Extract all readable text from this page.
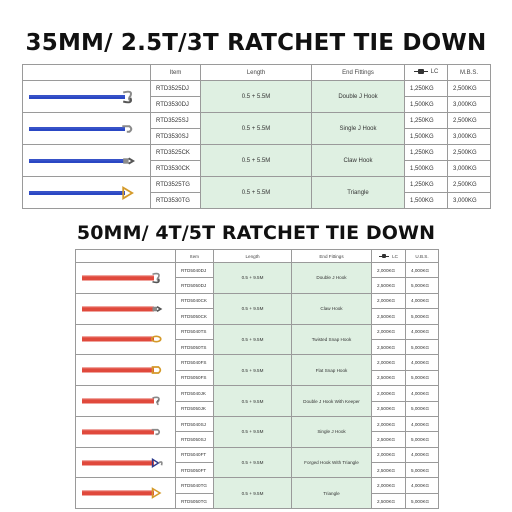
35MM/ 2.5T/3T RATCHET TIE DOWN
	Item	Length	End Fittings	LC	M.B.S.

	RTD3525DJ	0.5 + 5.5M	Double J Hook	1,250KG	2,500KG
	RTD3530DJ			1,500KG	3,000KG

	RTD3525SJ	0.5 + 5.5M	Single J Hook	1,250KG	2,500KG
	RTD3530SJ			1,500KG	3,000KG

	RTD3525CK	0.5 + 5.5M	Claw Hook	1,250KG	2,500KG
	RTD3530CK			1,500KG	3,000KG

	RTD3525TG	0.5 + 5.5M	Triangle	1,250KG	2,500KG
	RTD3530TG			1,500KG	3,000KG
50MM/ 4T/5T RATCHET TIE DOWN
	Item	Length	End Fittings	LC	U.B.S.

	RTD5040DJ	0.5 + 9.5M	Double J Hook	2,000KG	4,000KG
	RTD5050DJ			2,500KG	5,000KG

	RTD5040CK	0.5 + 9.5M	Claw Hook	2,000KG	4,000KG
	RTD5050CK			2,500KG	5,000KG

	RTD5040TS	0.5 + 9.5M	Twisted Snap Hook	2,000KG	4,000KG
	RTD5050TS			2,500KG	5,000KG

	RTD5040FS	0.5 + 9.5M	Flat Snap Hook	2,000KG	4,000KG
	RTD5050FS			2,500KG	5,000KG

	RTD5040JK	0.5 + 9.5M	Double J Hook With Keeper	2,000KG	4,000KG
	RTD5050JK			2,500KG	5,000KG

	RTD5040SJ	0.5 + 9.5M	Single J Hook	2,000KG	4,000KG
	RTD5050SJ			2,500KG	5,000KG

	RTD5040FT	0.5 + 9.5M	Forged Hook With Triangle	2,000KG	4,000KG
	RTD5050FT			2,500KG	5,000KG

	RTD5040TG	0.5 + 9.5M	Triangle	2,000KG	4,000KG
	RTD5050TG			2,500KG	5,000KG
